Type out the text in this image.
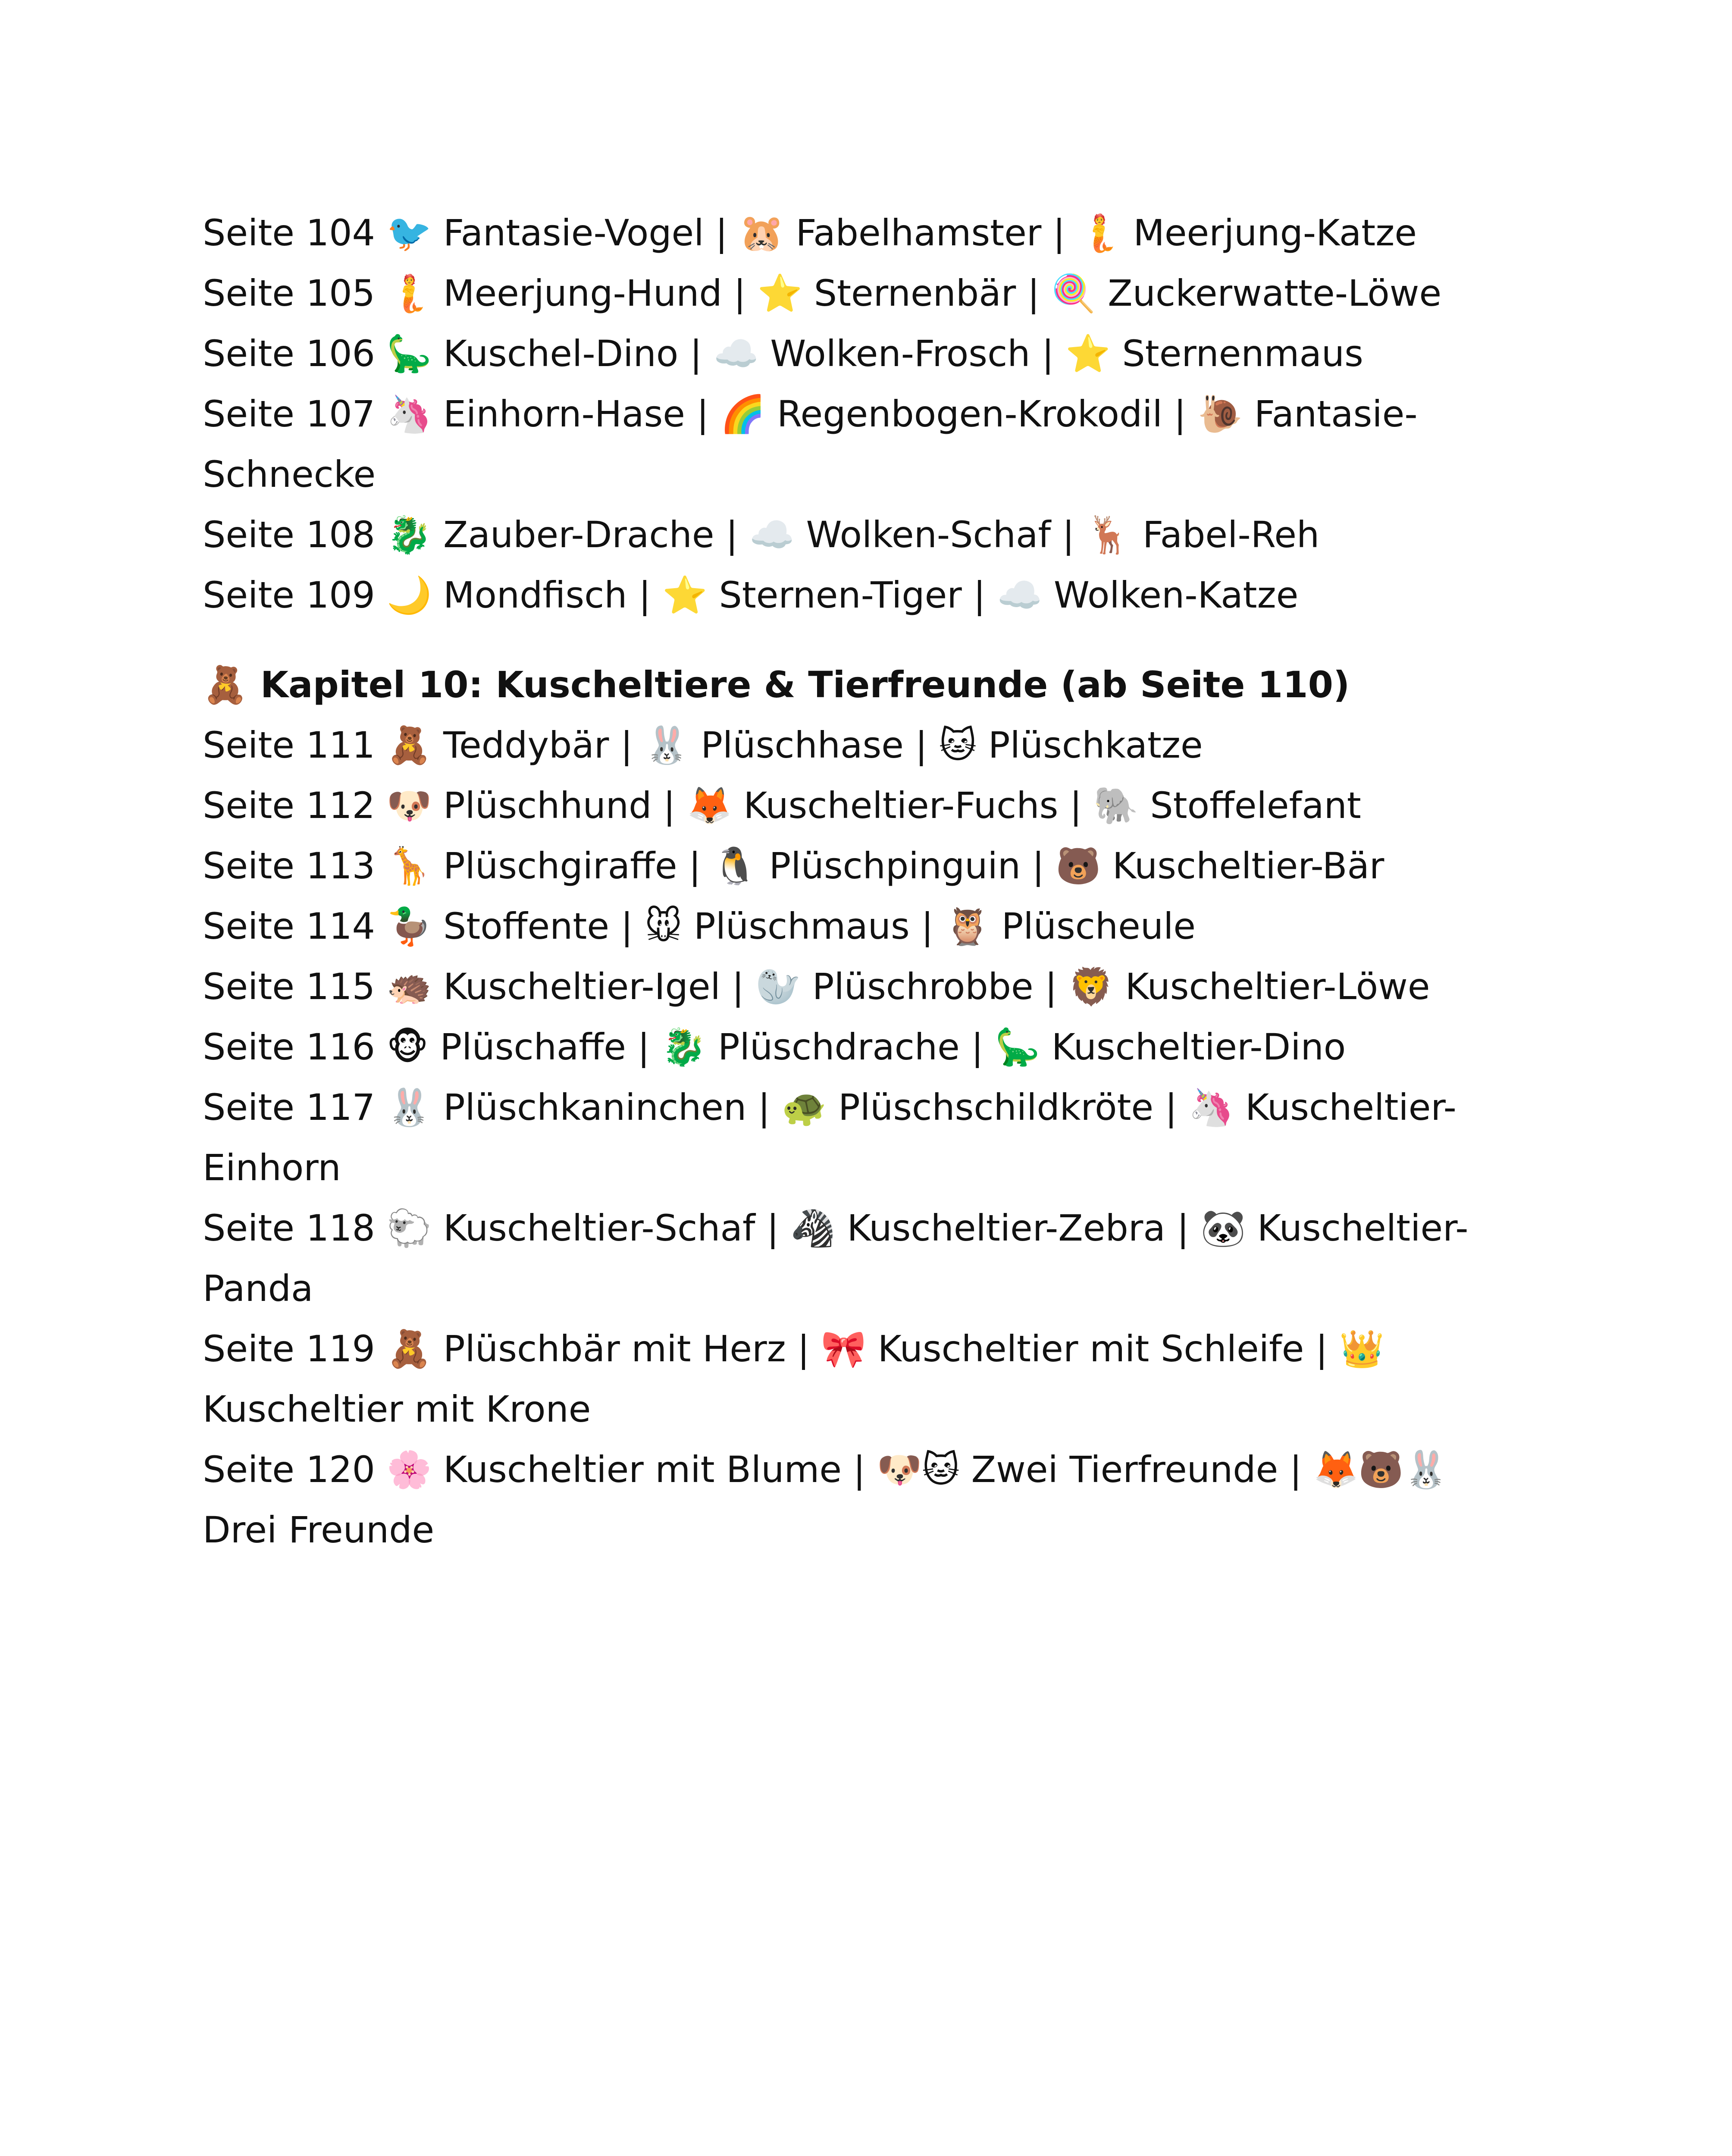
Seite 104 🐦 Fantasie-Vogel | 🐹 Fabelhamster | 🧜 Meerjung-Katze
Seite 105 🧜 Meerjung-Hund | ⭐ Sternenbär | 🍭 Zuckerwatte-Löwe
Seite 106 🦕 Kuschel-Dino | ☁️ Wolken-Frosch | ⭐ Sternenmaus
Seite 107 🦄 Einhorn-Hase | 🌈 Regenbogen-Krokodil | 🐌 Fantasie-Schnecke
Seite 108 🐉 Zauber-Drache | ☁️ Wolken-Schaf | 🦌 Fabel-Reh
Seite 109 🌙 Mondfisch | ⭐ Sternen-Tiger | ☁️ Wolken-Katze
🧸 Kapitel 10: Kuscheltiere & Tierfreunde (ab Seite 110)
Seite 111 🧸 Teddybär | 🐰 Plüschhase | 🐱 Plüschkatze
Seite 112 🐶 Plüschhund | 🦊 Kuscheltier-Fuchs | 🐘 Stoffelefant
Seite 113 🦒 Plüschgiraffe | 🐧 Plüschpinguin | 🐻 Kuscheltier-Bär
Seite 114 🦆 Stoffente | 🐭 Plüschmaus | 🦉 Plüscheule
Seite 115 🦔 Kuscheltier-Igel | 🦭 Plüschrobbe | 🦁 Kuscheltier-Löwe
Seite 116 🐵 Plüschaffe | 🐉 Plüschdrache | 🦕 Kuscheltier-Dino
Seite 117 🐰 Plüschkaninchen | 🐢 Plüschschildkröte | 🦄 Kuscheltier-Einhorn
Seite 118 🐑 Kuscheltier-Schaf | 🦓 Kuscheltier-Zebra | 🐼 Kuscheltier-Panda
Seite 119 🧸 Plüschbär mit Herz | 🎀 Kuscheltier mit Schleife | 👑 Kuscheltier mit Krone
Seite 120 🌸 Kuscheltier mit Blume | 🐶🐱 Zwei Tierfreunde | 🦊🐻🐰 Drei Freunde
